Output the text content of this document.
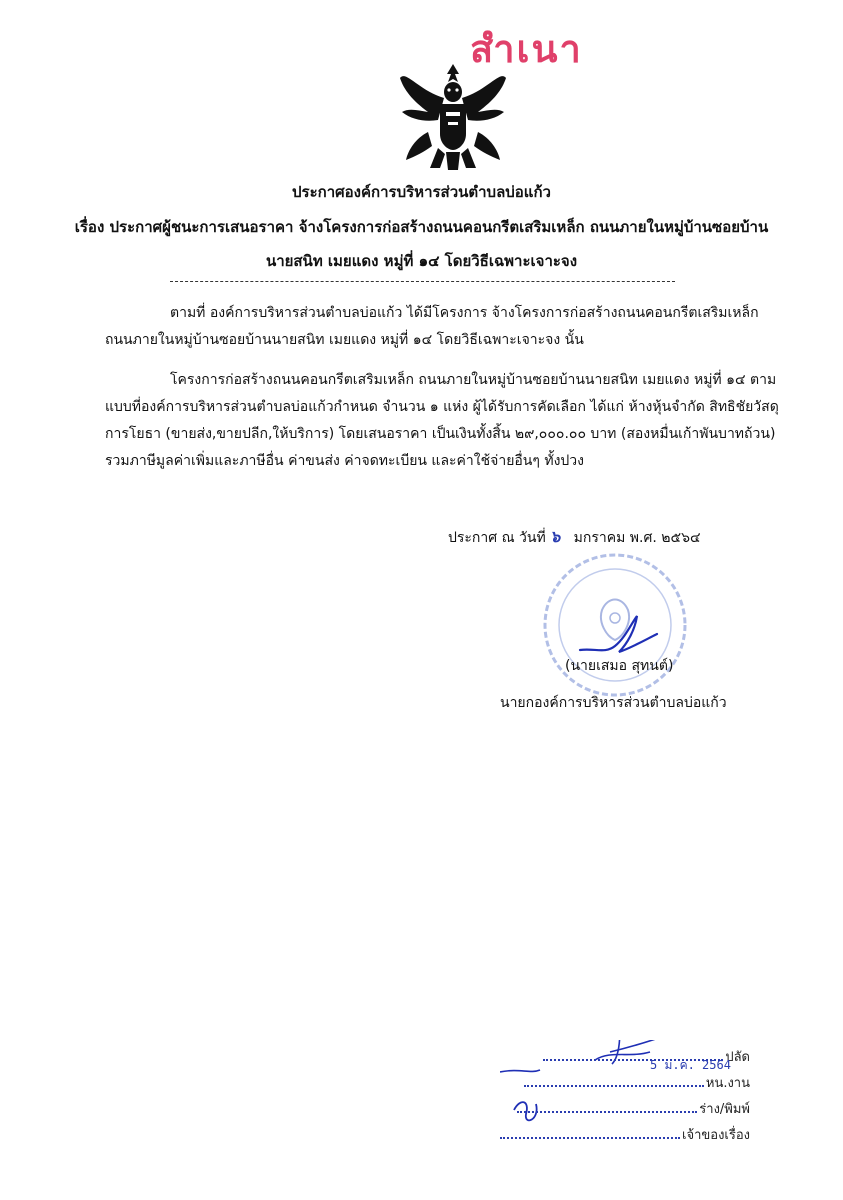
สำเนา
ประกาศองค์การบริหารส่วนตำบลบ่อแก้ว
เรื่อง ประกาศผู้ชนะการเสนอราคา จ้างโครงการก่อสร้างถนนคอนกรีตเสริมเหล็ก ถนนภายในหมู่บ้านซอยบ้าน
นายสนิท เมยแดง หมู่ที่ ๑๔ โดยวิธีเฉพาะเจาะจง
ตามที่ องค์การบริหารส่วนตำบลบ่อแก้ว ได้มีโครงการ จ้างโครงการก่อสร้างถนนคอนกรีตเสริมเหล็ก
ถนนภายในหมู่บ้านซอยบ้านนายสนิท เมยแดง หมู่ที่ ๑๔ โดยวิธีเฉพาะเจาะจง นั้น
โครงการก่อสร้างถนนคอนกรีตเสริมเหล็ก ถนนภายในหมู่บ้านซอยบ้านนายสนิท เมยแดง หมู่ที่ ๑๔ ตาม
แบบที่องค์การบริหารส่วนตำบลบ่อแก้วกำหนด จำนวน ๑ แห่ง ผู้ได้รับการคัดเลือก ได้แก่ ห้างหุ้นจำกัด สิทธิชัยวัสดุ
การโยธา (ขายส่ง,ขายปลีก,ให้บริการ) โดยเสนอราคา เป็นเงินทั้งสิ้น ๒๙,๐๐๐.๐๐ บาท (สองหมื่นเก้าพันบาทถ้วน)
รวมภาษีมูลค่าเพิ่มและภาษีอื่น ค่าขนส่ง ค่าจดทะเบียน และค่าใช้จ่ายอื่นๆ ทั้งปวง
ประกาศ ณ วันที่ ๖ มกราคม พ.ศ. ๒๕๖๔
(นายเสมอ สุทนต์)
นายกองค์การบริหารส่วนตำบลบ่อแก้ว
ปลัด
5 ม.ค. 2564
หน.งาน
ร่าง/พิมพ์
เจ้าของเรื่อง
